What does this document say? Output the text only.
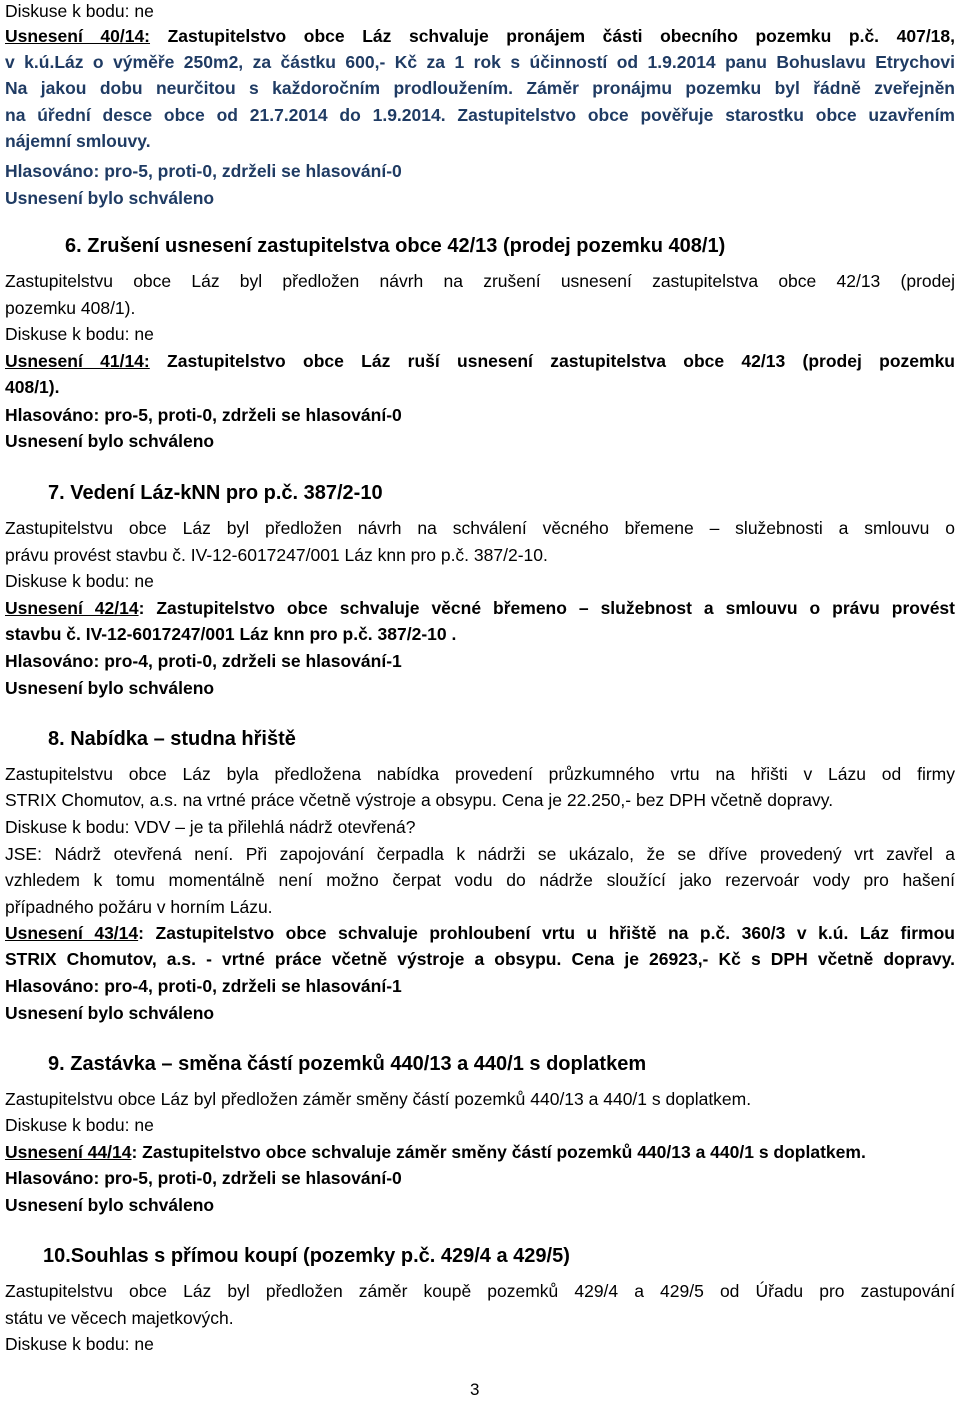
Diskuse k bodu: ne
Usnesení 40/14: Zastupitelstvo obce Láz schvaluje pronájem části obecního pozemku p.č. 407/18,
v k.ú.Láz o výměře 250m2, za částku 600,- Kč za 1 rok s účinností od 1.9.2014 panu Bohuslavu Etrychovi
Na jakou dobu neurčitou s každoročním prodloužením. Záměr pronájmu pozemku byl řádně zveřejněn
na úřední desce obce od 21.7.2014 do 1.9.2014. Zastupitelstvo obce pověřuje starostku obce uzavřením
nájemní smlouvy.
Hlasováno: pro-5, proti-0, zdrželi se hlasování-0
Usnesení bylo schváleno
6. Zrušení usnesení zastupitelstva obce 42/13 (prodej pozemku 408/1)
Zastupitelstvu obce Láz byl předložen návrh na zrušení usnesení zastupitelstva obce 42/13 (prodej
pozemku 408/1).
Diskuse k bodu: ne
Usnesení 41/14: Zastupitelstvo obce Láz ruší usnesení zastupitelstva obce 42/13 (prodej pozemku
408/1).
Hlasováno: pro-5, proti-0, zdrželi se hlasování-0
Usnesení bylo schváleno
7. Vedení Láz-kNN pro p.č. 387/2-10
Zastupitelstvu obce Láz byl předložen návrh na schválení věcného břemene – služebnosti a smlouvu o
právu provést stavbu č. IV-12-6017247/001 Láz knn pro p.č. 387/2-10.
Diskuse k bodu: ne
Usnesení 42/14: Zastupitelstvo obce schvaluje věcné břemeno – služebnost a smlouvu o právu provést
stavbu č. IV-12-6017247/001 Láz knn pro p.č. 387/2-10 .
Hlasováno: pro-4, proti-0, zdrželi se hlasování-1
Usnesení bylo schváleno
8. Nabídka – studna hřiště
Zastupitelstvu obce Láz byla předložena nabídka provedení průzkumného vrtu na hřišti v Lázu od firmy
STRIX Chomutov, a.s. na vrtné práce včetně výstroje a obsypu. Cena je 22.250,- bez DPH včetně dopravy.
Diskuse k bodu: VDV – je ta přilehlá nádrž otevřená?
JSE: Nádrž otevřená není. Při zapojování čerpadla k nádrži se ukázalo, že se dříve provedený vrt zavřel a
vzhledem k tomu momentálně není možno čerpat vodu do nádrže sloužící jako rezervoár vody pro hašení
případného požáru v horním Lázu.
Usnesení 43/14: Zastupitelstvo obce schvaluje prohloubení vrtu u hřiště na p.č. 360/3 v k.ú. Láz firmou
STRIX Chomutov, a.s. - vrtné práce včetně výstroje a obsypu. Cena je 26923,- Kč s DPH včetně dopravy.
Hlasováno: pro-4, proti-0, zdrželi se hlasování-1
Usnesení bylo schváleno
9. Zastávka – směna částí pozemků 440/13 a 440/1 s doplatkem
Zastupitelstvu obce Láz byl předložen záměr směny částí pozemků 440/13 a 440/1 s doplatkem.
Diskuse k bodu: ne
Usnesení 44/14: Zastupitelstvo obce schvaluje záměr směny částí pozemků 440/13 a 440/1 s doplatkem.
Hlasováno: pro-5, proti-0, zdrželi se hlasování-0
Usnesení bylo schváleno
10.Souhlas s přímou koupí (pozemky p.č. 429/4 a 429/5)
Zastupitelstvu obce Láz byl předložen záměr koupě pozemků 429/4 a 429/5 od Úřadu pro zastupování
státu ve věcech majetkových.
Diskuse k bodu: ne
3
